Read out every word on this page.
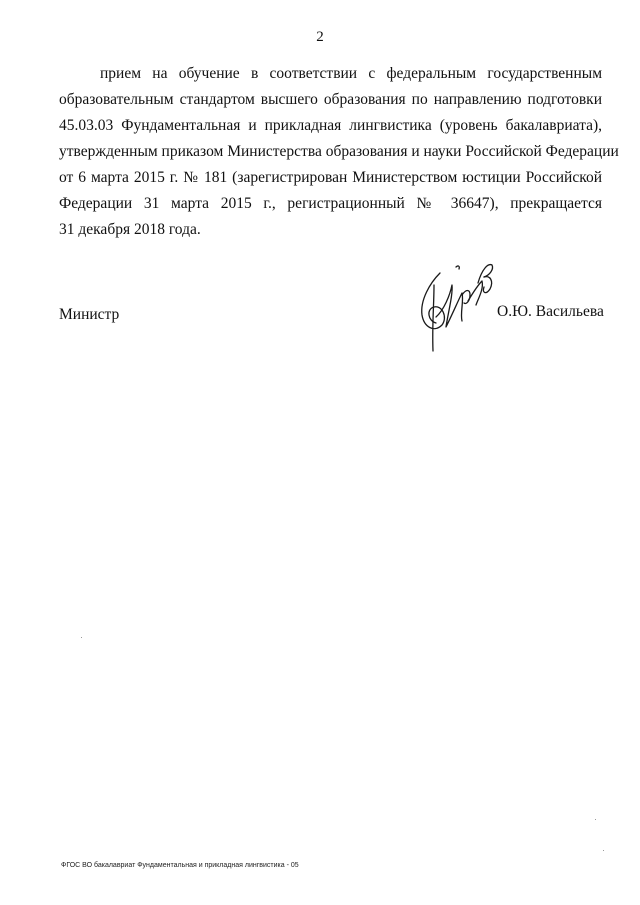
2
прием на обучение в соответствии с федеральным государственным
образовательным стандартом высшего образования по направлению подготовки
45.03.03 Фундаментальная и прикладная лингвистика (уровень бакалавриата),
утвержденным приказом Министерства образования и науки Российской Федерации
от 6 марта 2015 г. № 181 (зарегистрирован Министерством юстиции Российской
Федерации 31 марта 2015 г., регистрационный № 36647), прекращается
31 декабря 2018 года.
Министр	О.Ю. Васильева
ФГОС ВО бакалавриат Фундаментальная и прикладная лингвистика - 05
